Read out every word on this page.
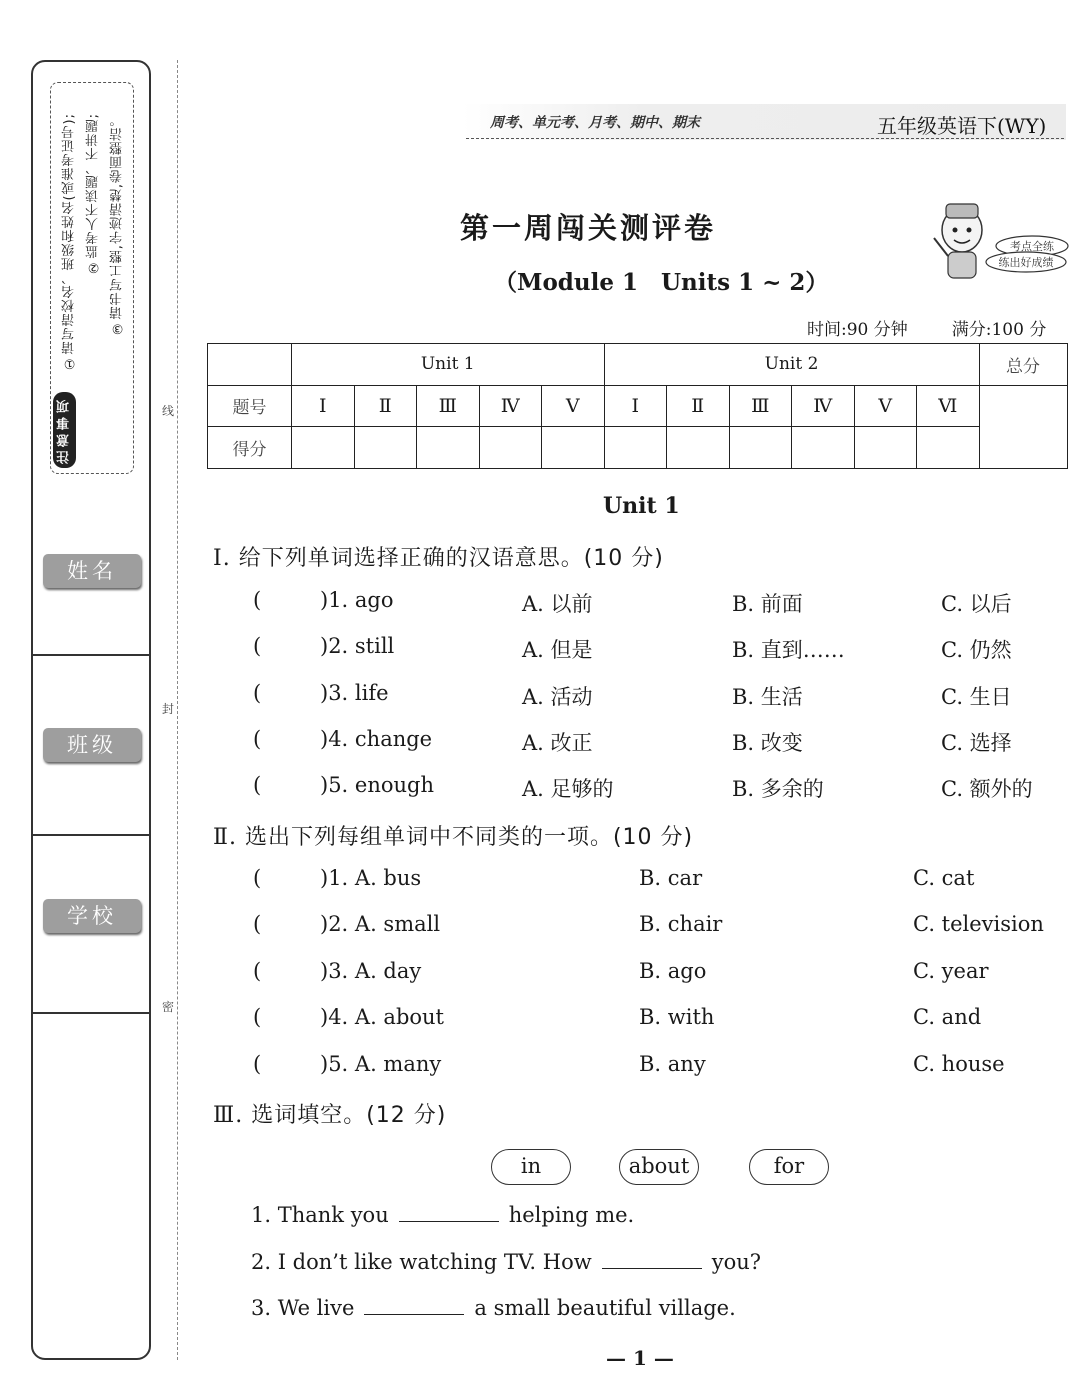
①请写清校名、班级和姓名(或准考证号); ②监考人不读题、不讲题; ③请书写工整,字迹清楚,卷面整洁。
注意事项
姓名
班级
学校
线
封
密
周考、单元考、月考、期中、期末	五年级英语下(WY)
第一周闯关测评卷
（Module 1　Units 1 ~ 2）
考点全练
练出好成绩
时间:90 分钟	满分:100 分
	Unit 1					Unit 2						总分
题号	Ⅰ	Ⅱ	Ⅲ	Ⅳ	Ⅴ	Ⅰ	Ⅱ	Ⅲ	Ⅳ	Ⅴ	Ⅵ	
得分												
Unit 1
Ⅰ. 给下列单词选择正确的汉语意思。(10 分)
(	)1. ago	A. 以前	B. 前面	C. 以后
(	)2. still	A. 但是	B. 直到……	C. 仍然
(	)3. life	A. 活动	B. 生活	C. 生日
(	)4. change	A. 改正	B. 改变	C. 选择
(	)5. enough	A. 足够的	B. 多余的	C. 额外的
Ⅱ. 选出下列每组单词中不同类的一项。(10 分)
(	)1. A. bus	B. car	C. cat
(	)2. A. small	B. chair	C. television
(	)3. A. day	B. ago	C. year
(	)4. A. about	B. with	C. and
(	)5. A. many	B. any	C. house
Ⅲ. 选词填空。(12 分)
in	about	for
1. Thank you	helping me.
2. I don’t like watching TV. How	you?
3. We live	a small beautiful village.
— 1 —
